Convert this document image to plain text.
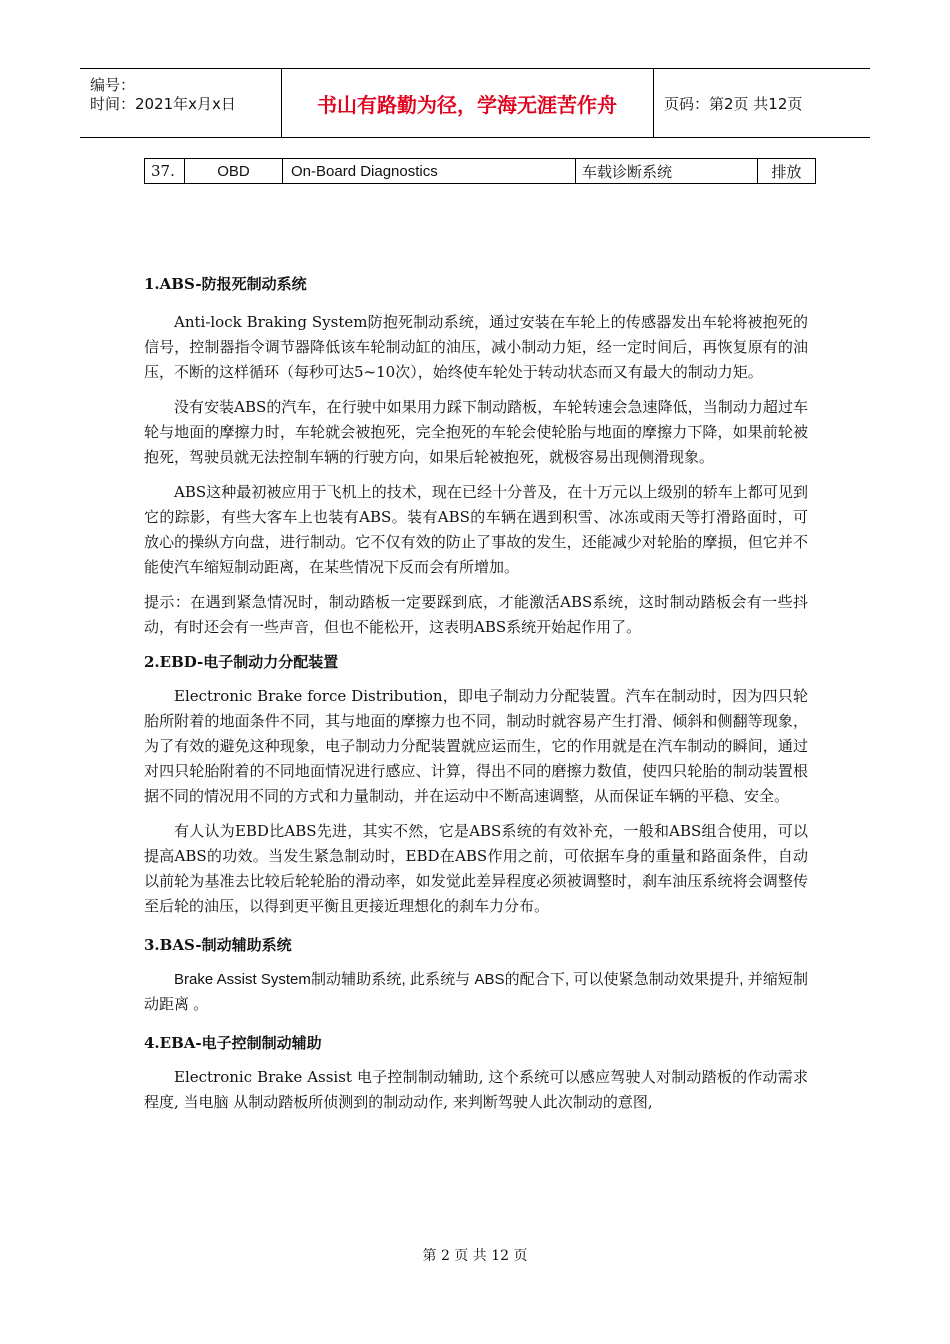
编号：
时间：2021年x月x日	书山有路勤为径，学海无涯苦作舟	页码：第2页 共12页
37.	OBD	On-Board Diagnostics	车载诊断系统	排放
1.ABS-防报死制动系统

Anti-lock Braking System防抱死制动系统，通过安装在车轮上的传感器发出车轮将被抱死的信号，控制器指令调节器降低该车轮制动缸的油压，减小制动力矩，经一定时间后，再恢复原有的油压，不断的这样循环（每秒可达5~10次），始终使车轮处于转动状态而又有最大的制动力矩。

没有安装ABS的汽车，在行驶中如果用力踩下制动踏板，车轮转速会急速降低，当制动力超过车轮与地面的摩擦力时，车轮就会被抱死，完全抱死的车轮会使轮胎与地面的摩擦力下降，如果前轮被抱死，驾驶员就无法控制车辆的行驶方向，如果后轮被抱死，就极容易出现侧滑现象。

ABS这种最初被应用于飞机上的技术，现在已经十分普及，在十万元以上级别的轿车上都可见到它的踪影，有些大客车上也装有ABS。装有ABS的车辆在遇到积雪、冰冻或雨天等打滑路面时，可放心的操纵方向盘，进行制动。它不仅有效的防止了事故的发生，还能减少对轮胎的摩损，但它并不能使汽车缩短制动距离，在某些情况下反而会有所增加。

提示：在遇到紧急情况时，制动踏板一定要踩到底，才能激活ABS系统，这时制动踏板会有一些抖动，有时还会有一些声音，但也不能松开，这表明ABS系统开始起作用了。

2.EBD-电子制动力分配装置

Electronic Brake force Distribution，即电子制动力分配装置。汽车在制动时，因为四只轮胎所附着的地面条件不同，其与地面的摩擦力也不同，制动时就容易产生打滑、倾斜和侧翻等现象，为了有效的避免这种现象，电子制动力分配装置就应运而生，它的作用就是在汽车制动的瞬间，通过对四只轮胎附着的不同地面情况进行感应、计算，得出不同的磨擦力数值，使四只轮胎的制动装置根据不同的情况用不同的方式和力量制动，并在运动中不断高速调整，从而保证车辆的平稳、安全。

有人认为EBD比ABS先进，其实不然，它是ABS系统的有效补充，一般和ABS组合使用，可以提高ABS的功效。当发生紧急制动时，EBD在ABS作用之前，可依据车身的重量和路面条件，自动以前轮为基准去比较后轮轮胎的滑动率，如发觉此差异程度必须被调整时，刹车油压系统将会调整传至后轮的油压，以得到更平衡且更接近理想化的刹车力分布。

3.BAS-制动辅助系统

Brake Assist System制动辅助系统, 此系统与 ABS的配合下, 可以使紧急制动效果提升, 并缩短制动距离 。

4.EBA-电子控制制动辅助

Electronic Brake Assist 电子控制制动辅助, 这个系统可以感应驾驶人对制动踏板的作动需求程度, 当电脑 从制动踏板所侦测到的制动动作, 来判断驾驶人此次制动的意图,

第 2 页 共 12 页
